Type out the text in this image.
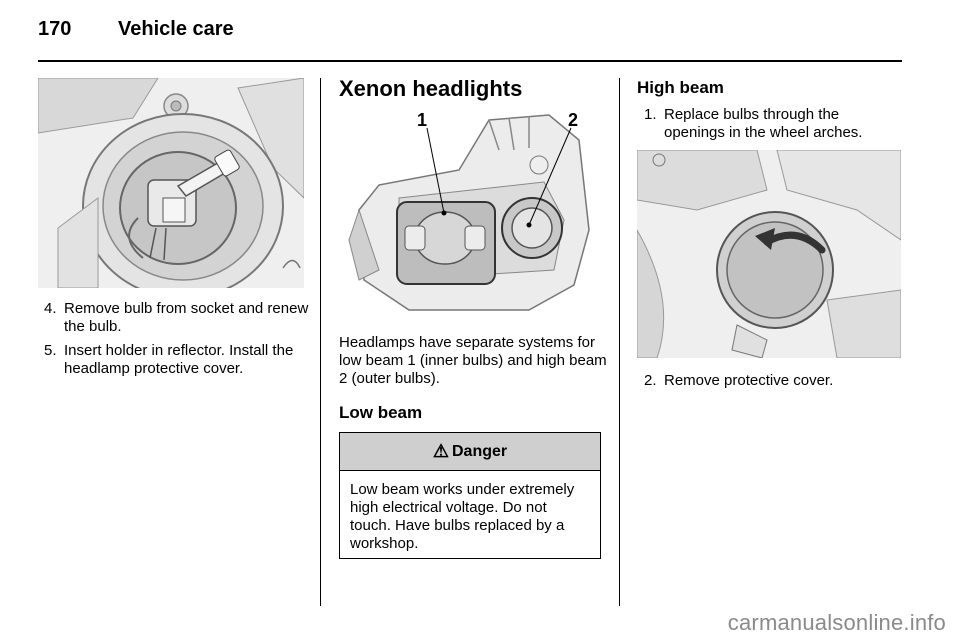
170	Vehicle care
4. Remove bulb from socket and renew the bulb.
5. Insert holder in reflector. Install the headlamp protective cover.
Xenon headlights
1	2
Headlamps have separate systems for low beam 1 (inner bulbs) and high beam 2 (outer bulbs).
Low beam
⚠ Danger
Low beam works under extremely high electrical voltage. Do not touch. Have bulbs replaced by a workshop.
High beam
1. Replace bulbs through the openings in the wheel arches.
2. Remove protective cover.
carmanualsonline.info
